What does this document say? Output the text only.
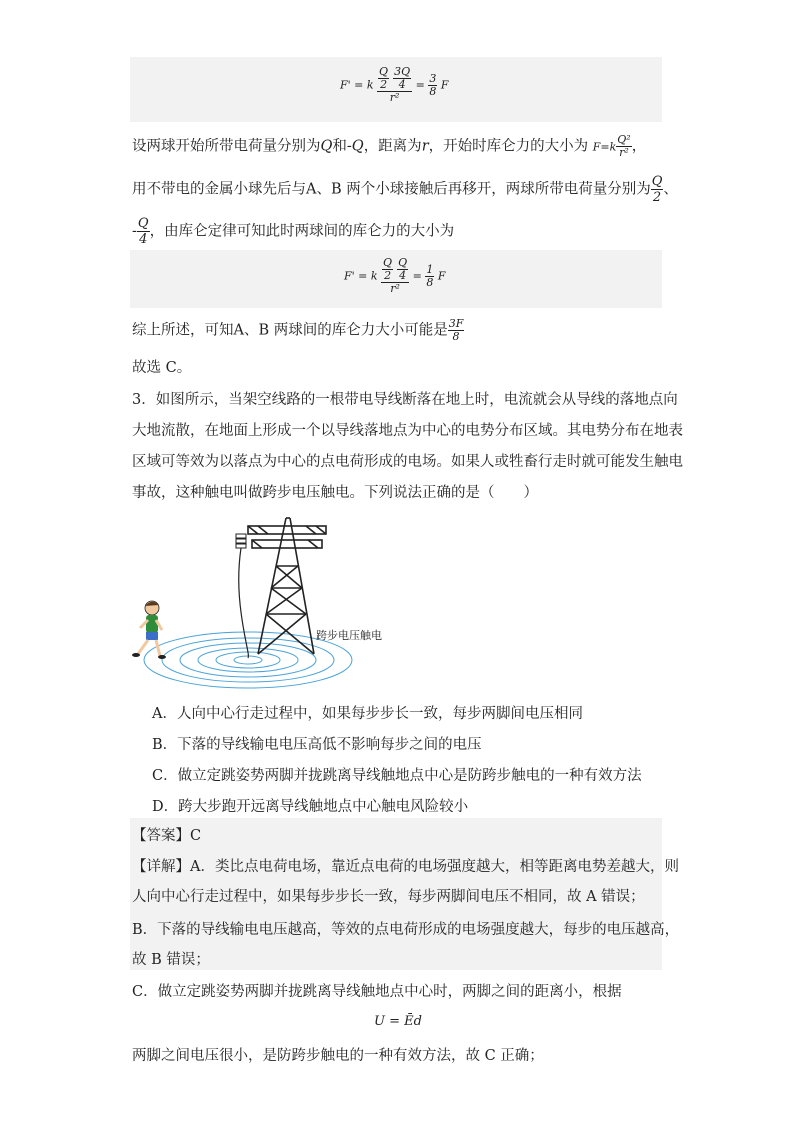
F' = k $\frac{\frac{Q}{2} \frac{3Q}{4}}{\text{r²}} = \frac{3}{8}$ F
设两球开始所带电荷量分别为Q和-Q，距离为r，开始时库仑力的大小为 $F=k \frac{\text{Q²}}{\text{r²}}$ ，
用不带电的金属小球先后与A、B 两个小球接触后再移开，两球所带电荷量分别为 $\frac{Q}{2}$ 、
- $\frac{Q}{4}$ ，由库仑定律可知此时两球间的库仑力的大小为
F' = k $\frac{\frac{Q}{2} \frac{Q}{4}}{\text{r²}} = \frac{1}{8}$ F
综上所述，可知A、B 两球间的库仑力大小可能是 $\frac{3F}{8}$
故选 C。
3．如图所示，当架空线路的一根带电导线断落在地上时，电流就会从导线的落地点向
大地流散，在地面上形成一个以导线落地点为中心的电势分布区域。其电势分布在地表
区域可等效为以落点为中心的点电荷形成的电场。如果人或牲畜行走时就可能发生触电
事故，这种触电叫做跨步电压触电。下列说法正确的是（　　）
跨步电压触电
A．人向中心行走过程中，如果每步步长一致，每步两脚间电压相同
B．下落的导线输电电压高低不影响每步之间的电压
C．做立定跳姿势两脚并拢跳离导线触地点中心是防跨步触电的一种有效方法
D．跨大步跑开远离导线触地点中心触电风险较小
【答案】C
【详解】A．类比点电荷电场，靠近点电荷的电场强度越大，相等距离电势差越大，则
人向中心行走过程中，如果每步步长一致，每步两脚间电压不相同，故 A 错误；
B．下落的导线输电电压越高，等效的点电荷形成的电场强度越大，每步的电压越高，
故 B 错误；
C．做立定跳姿势两脚并拢跳离导线触地点中心时，两脚之间的距离小，根据
U = Ēd
两脚之间电压很小，是防跨步触电的一种有效方法，故 C 正确；
